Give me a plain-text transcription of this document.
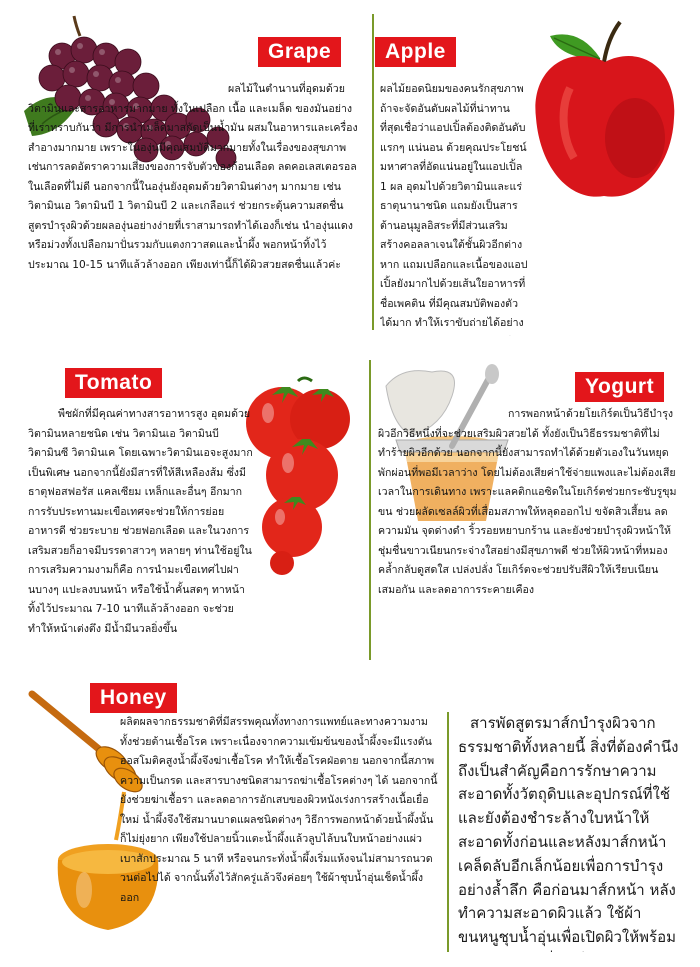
Grape

ผลไม้ในตำนานที่อุดมด้วยวิตามินและสารอาหารมากมาย ทั้งในเปลือก เนื้อ และเมล็ด ของมันอย่างที่เราทราบกันว่า มีการนำเมล็ดมาสกัดเป็นน้ำมัน ผสมในอาหารและเครื่องสำอางมากมาย เพราะในองุ่นมีคุณสมบัติมากมายทั้งในเรื่องของสุขภาพเช่นการลดอัตราความเสี่ยงของการจับตัวของก้อนเลือด ลดคอเลสเตอรอลในเลือดที่ไม่ดี นอกจากนี้ในองุ่นยังอุดมด้วยวิตามินต่างๆ มากมาย เช่นวิตามินเอ วิตามินบี 1 วิตามินบี 2 และเกลือแร่ ช่วยกระตุ้นความสดชื่น สูตรบำรุงผิวด้วยผลองุ่นอย่างง่ายที่เราสามารถทำได้เองก็เช่น นำองุ่นแดงหรือม่วงทั้งเปลือกมาปั่นรวมกับแตงกวาสดและน้ำผึ้ง พอกหน้าทิ้งไว้ประมาณ 10-15 นาทีแล้วล้างออก เพียงเท่านี้ก็ได้ผิวสวยสดชื่นแล้วค่ะ

Apple

ผลไม้ยอดนิยมของคนรักสุขภาพ ถ้าจะจัดอันดับผลไม้ที่น่าทานที่สุดเชื่อว่าแอปเปิ้ลต้องติดอันดับแรกๆ แน่นอน ด้วยคุณประโยชน์มหาศาลที่อัดแน่นอยู่ในแอปเปิ้ล 1 ผล อุดมไปด้วยวิตามินและแร่ธาตุนานาชนิด แถมยังเป็นสารต้านอนุมูลอิสระที่มีส่วนเสริมสร้างคอลลาเจนใต้ชั้นผิวอีกต่างหาก แถมเปลือกและเนื้อของแอปเปิ้ลยังมากไปด้วยเส้นใยอาหารที่ชื่อเพคติน ที่มีคุณสมบัติพองตัวได้มาก ทำให้เราขับถ่ายได้อย่าง

Tomato

พืชผักที่มีคุณค่าทางสารอาหารสูง อุดมด้วยวิตามินหลายชนิด เช่น วิตามินเอ วิตามินบี วิตามินซี วิตามินเค โดยเฉพาะวิตามินเอจะสูงมากเป็นพิเศษ นอกจากนี้ยังมีสารที่ให้สีเหลืองส้ม ซึ่งมีธาตุฟอสฟอรัส แคลเซียม เหล็กและอื่นๆ อีกมาก การรับประทานมะเขือเทศจะช่วยให้การย่อยอาหารดี ช่วยระบาย ช่วยฟอกเลือด และในวงการเสริมสวยก็อาจมีบรรดาสาวๆ หลายๆ ท่านใช้อยู่ในการเสริมความงามก็คือ การนำมะเขือเทศไปฝานบางๆ แปะลงบนหน้า หรือใช้น้ำคั้นสดๆ ทาหน้าทิ้งไว้ประมาณ 7-10 นาทีแล้วล้างออก จะช่วยทำให้หน้าเต่งตึง มีน้ำมีนวลยิ่งขึ้น

Yogurt

การพอกหน้าด้วยโยเกิร์ตเป็นวิธีบำรุงผิวอีกวิธีหนึ่งที่จะช่วยเสริมผิวสวยได้ ทั้งยังเป็นวิธีธรรมชาติที่ไม่ทำร้ายผิวอีกด้วย นอกจากนี้ยังสามารถทำได้ด้วยตัวเองในวันหยุดพักผ่อนที่พอมีเวลาว่าง โดยไม่ต้องเสียค่าใช้จ่ายแพงและไม่ต้องเสียเวลาในการเดินทาง เพราะแลคติกแอซิดในโยเกิร์ตช่วยกระชับรูขุมขน ช่วยผลัดเซลล์ผิวที่เสื่อมสภาพให้หลุดออกไป ขจัดสิวเสี้ยน ลดความมัน จุดด่างดำ ริ้วรอยหยาบกร้าน และยังช่วยบำรุงผิวหน้าให้ชุ่มชื่นขาวเนียนกระจ่างใสอย่างมีสุขภาพดี ช่วยให้ผิวหน้าที่หมองคล้ำกลับดูสดใส เปล่งปลั่ง โยเกิร์ตจะช่วยปรับสีผิวให้เรียบเนียนเสมอกัน และลดอาการระคายเคือง

Honey

ผลิตผลจากธรรมชาติที่มีสรรพคุณทั้งทางการแพทย์และทางความงาม ทั้งช่วยต้านเชื้อโรค เพราะเนื่องจากความเข้มข้นของน้ำผึ้งจะมีแรงดันออสโมติคสูงน้ำผึ้งจึงฆ่าเชื้อโรค ทำให้เชื้อโรคฝ่อตาย นอกจากนี้สภาพความเป็นกรด และสารบางชนิดสามารถฆ่าเชื้อโรคต่างๆ ได้ นอกจากนี้ยังช่วยฆ่าเชื้อรา และลดอาการอักเสบของผิวหนังเร่งการสร้างเนื้อเยื่อใหม่ น้ำผึ้งจึงใช้สมานบาดแผลชนิดต่างๆ วิธีการพอกหน้าด้วยน้ำผึ้งนั้นก็ไม่ยุ่งยาก เพียงใช้ปลายนิ้วแตะน้ำผึ้งแล้วลูบไล้บนใบหน้าอย่างแผ่วเบาสักประมาณ 5 นาที หรือจนกระทั่งน้ำผึ้งเริ่มแห้งจนไม่สามารถนวดวนต่อไปได้ จากนั้นทิ้งไว้สักครู่แล้วจึงค่อยๆ ใช้ผ้าชุบน้ำอุ่นเช็ดน้ำผึ้งออก

สารพัดสูตรมาส์กบำรุงผิวจากธรรมชาติทั้งหลายนี้ สิ่งที่ต้องคำนึงถึงเป็นสำคัญคือการรักษาความสะอาดทั้งวัตถุดิบและอุปกรณ์ที่ใช้ และยังต้องชำระล้างใบหน้าให้สะอาดทั้งก่อนและหลังมาส์กหน้า เคล็ดลับอีกเล็กน้อยเพื่อการบำรุงอย่างล้ำลึก คือก่อนมาส์กหน้า หลังทำความสะอาดผิวแล้ว ใช้ผ้าขนหนูชุบน้ำอุ่นเพื่อเปิดผิวให้พร้อม
